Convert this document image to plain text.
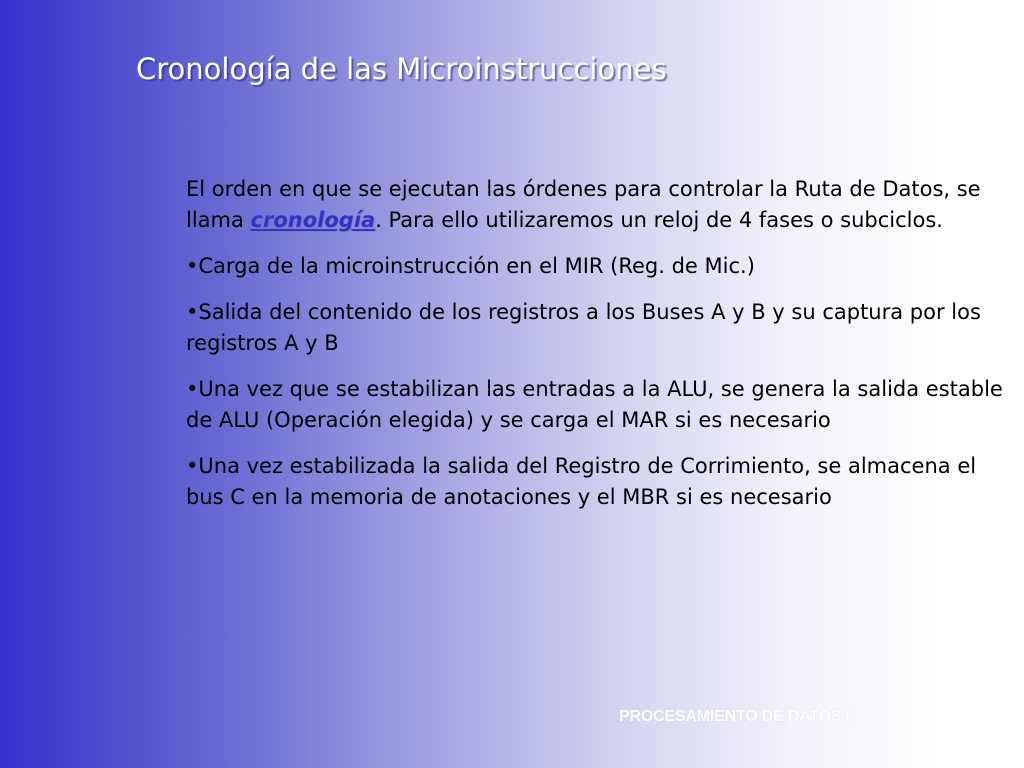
Cronología de las Microinstrucciones

El orden en que se ejecutan las órdenes para controlar la Ruta de Datos, se llama cronología. Para ello utilizaremos un reloj de 4 fases o subciclos.

•Carga de la microinstrucción en el MIR (Reg. de Mic.)

•Salida del contenido de los registros a los Buses A y B y su captura por los registros A y B

•Una vez que se estabilizan las entradas a la ALU, se genera la salida estable de ALU (Operación elegida) y se carga el MAR si es necesario

•Una vez estabilizada la salida del Registro de Corrimiento, se almacena el bus C en la memoria de anotaciones y el MBR si es necesario

PROCESAMIENTO DE DATOS I
